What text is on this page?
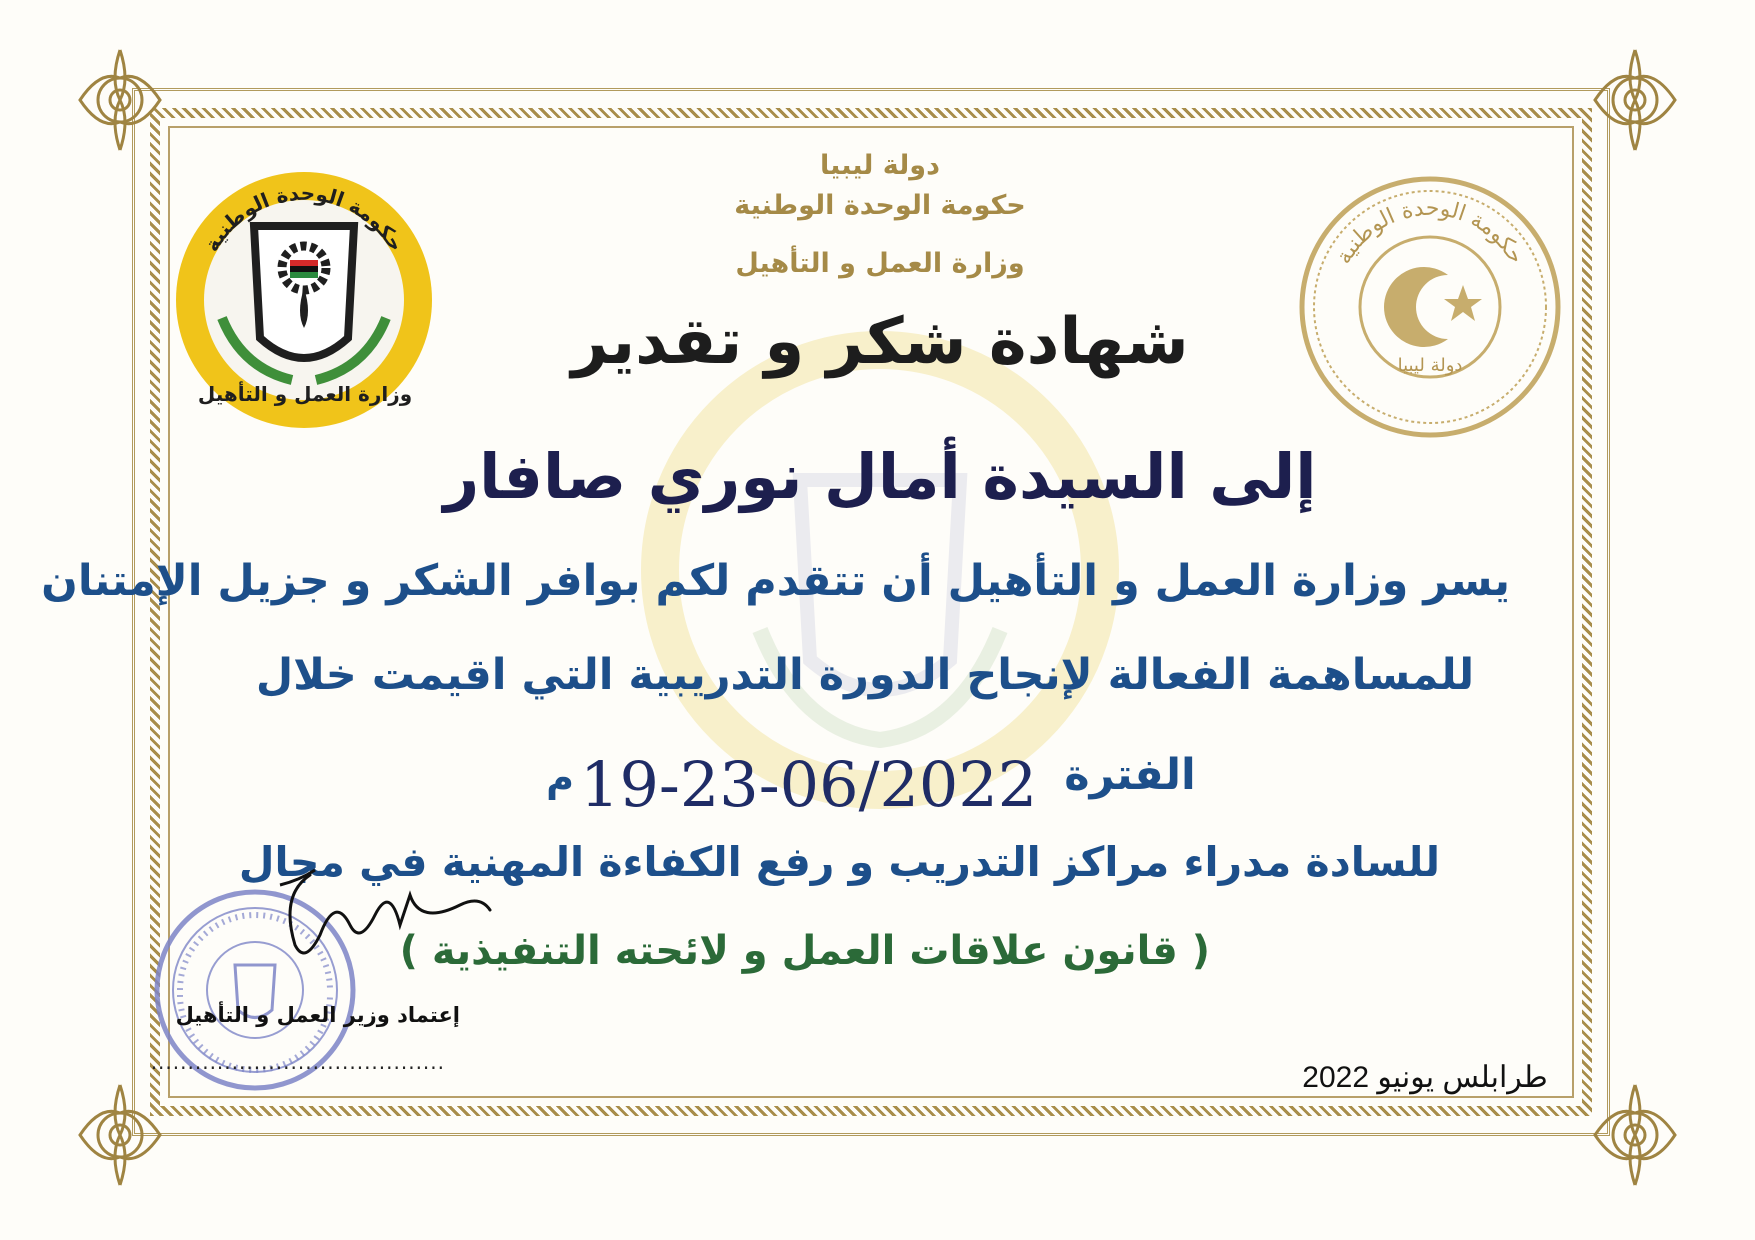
حكومة الوحدة الوطنية
وزارة العمل و التأهيل
حكومة الوحدة الوطنية
دولة ليبيا
دولة ليبيا
حكومة الوحدة الوطنية
وزارة العمل و التأهيل
شهادة شكر و تقدير
إلى السيدة أمال نوري صافار
يسر وزارة العمل و التأهيل أن تتقدم لكم بوافر الشكر و جزيل الإمتنان
للمساهمة الفعالة لإنجاح الدورة التدريبية التي اقيمت خلال
الفترة
19-23-06/2022
م
للسادة مدراء مراكز التدريب و رفع الكفاءة المهنية في مجال
( قانون علاقات العمل و لائحته التنفيذية )
إعتماد وزير العمل و التأهيل
........................................	طرابلس يونيو 2022
